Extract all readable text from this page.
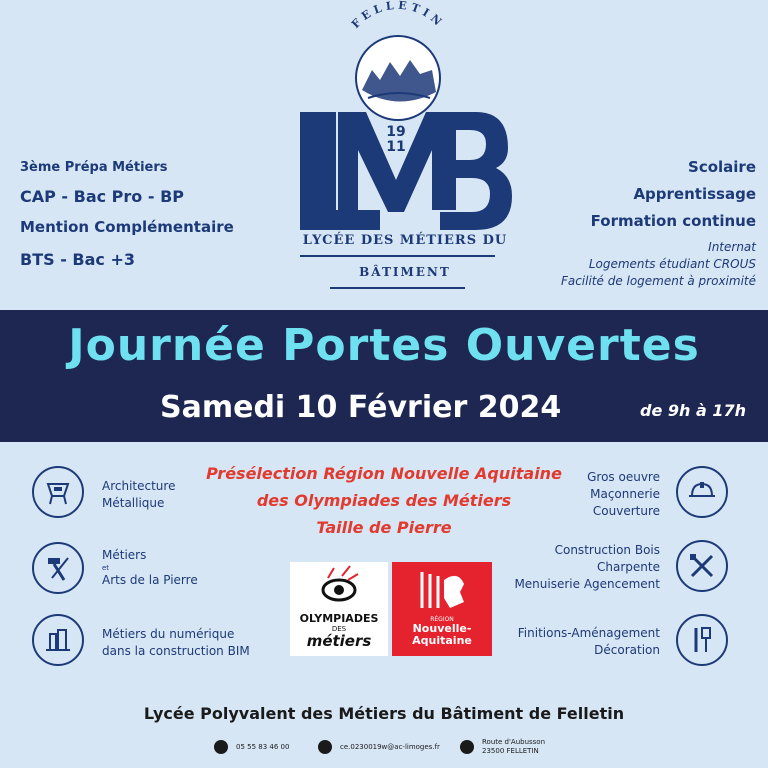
FELLETIN
19
11
LYCÉE DES MÉTIERS DU
BÂTIMENT
3ème Prépa Métiers
CAP - Bac Pro - BP
Mention Complémentaire
BTS - Bac +3
Scolaire
Apprentissage
Formation continue
Internat
Logements étudiant CROUS
Facilité de logement à proximité
Journée Portes Ouvertes
Samedi 10 Février 2024	de 9h à 17h
Architecture
Métallique
Métiers
et
Arts de la Pierre
Métiers du numérique
dans la construction BIM
Présélection Région Nouvelle Aquitaine
des Olympiades des Métiers
Taille de Pierre
OLYMPIADES
DES
métiers
RÉGION
Nouvelle-
Aquitaine
Gros oeuvre
Maçonnerie
Couverture
Construction Bois
Charpente
Menuiserie Agencement
Finitions-Aménagement
Décoration
Lycée Polyvalent des Métiers du Bâtiment de Felletin
05 55 83 46 00	ce.0230019w@ac-limoges.fr
Route d'Aubusson
23500 FELLETIN
